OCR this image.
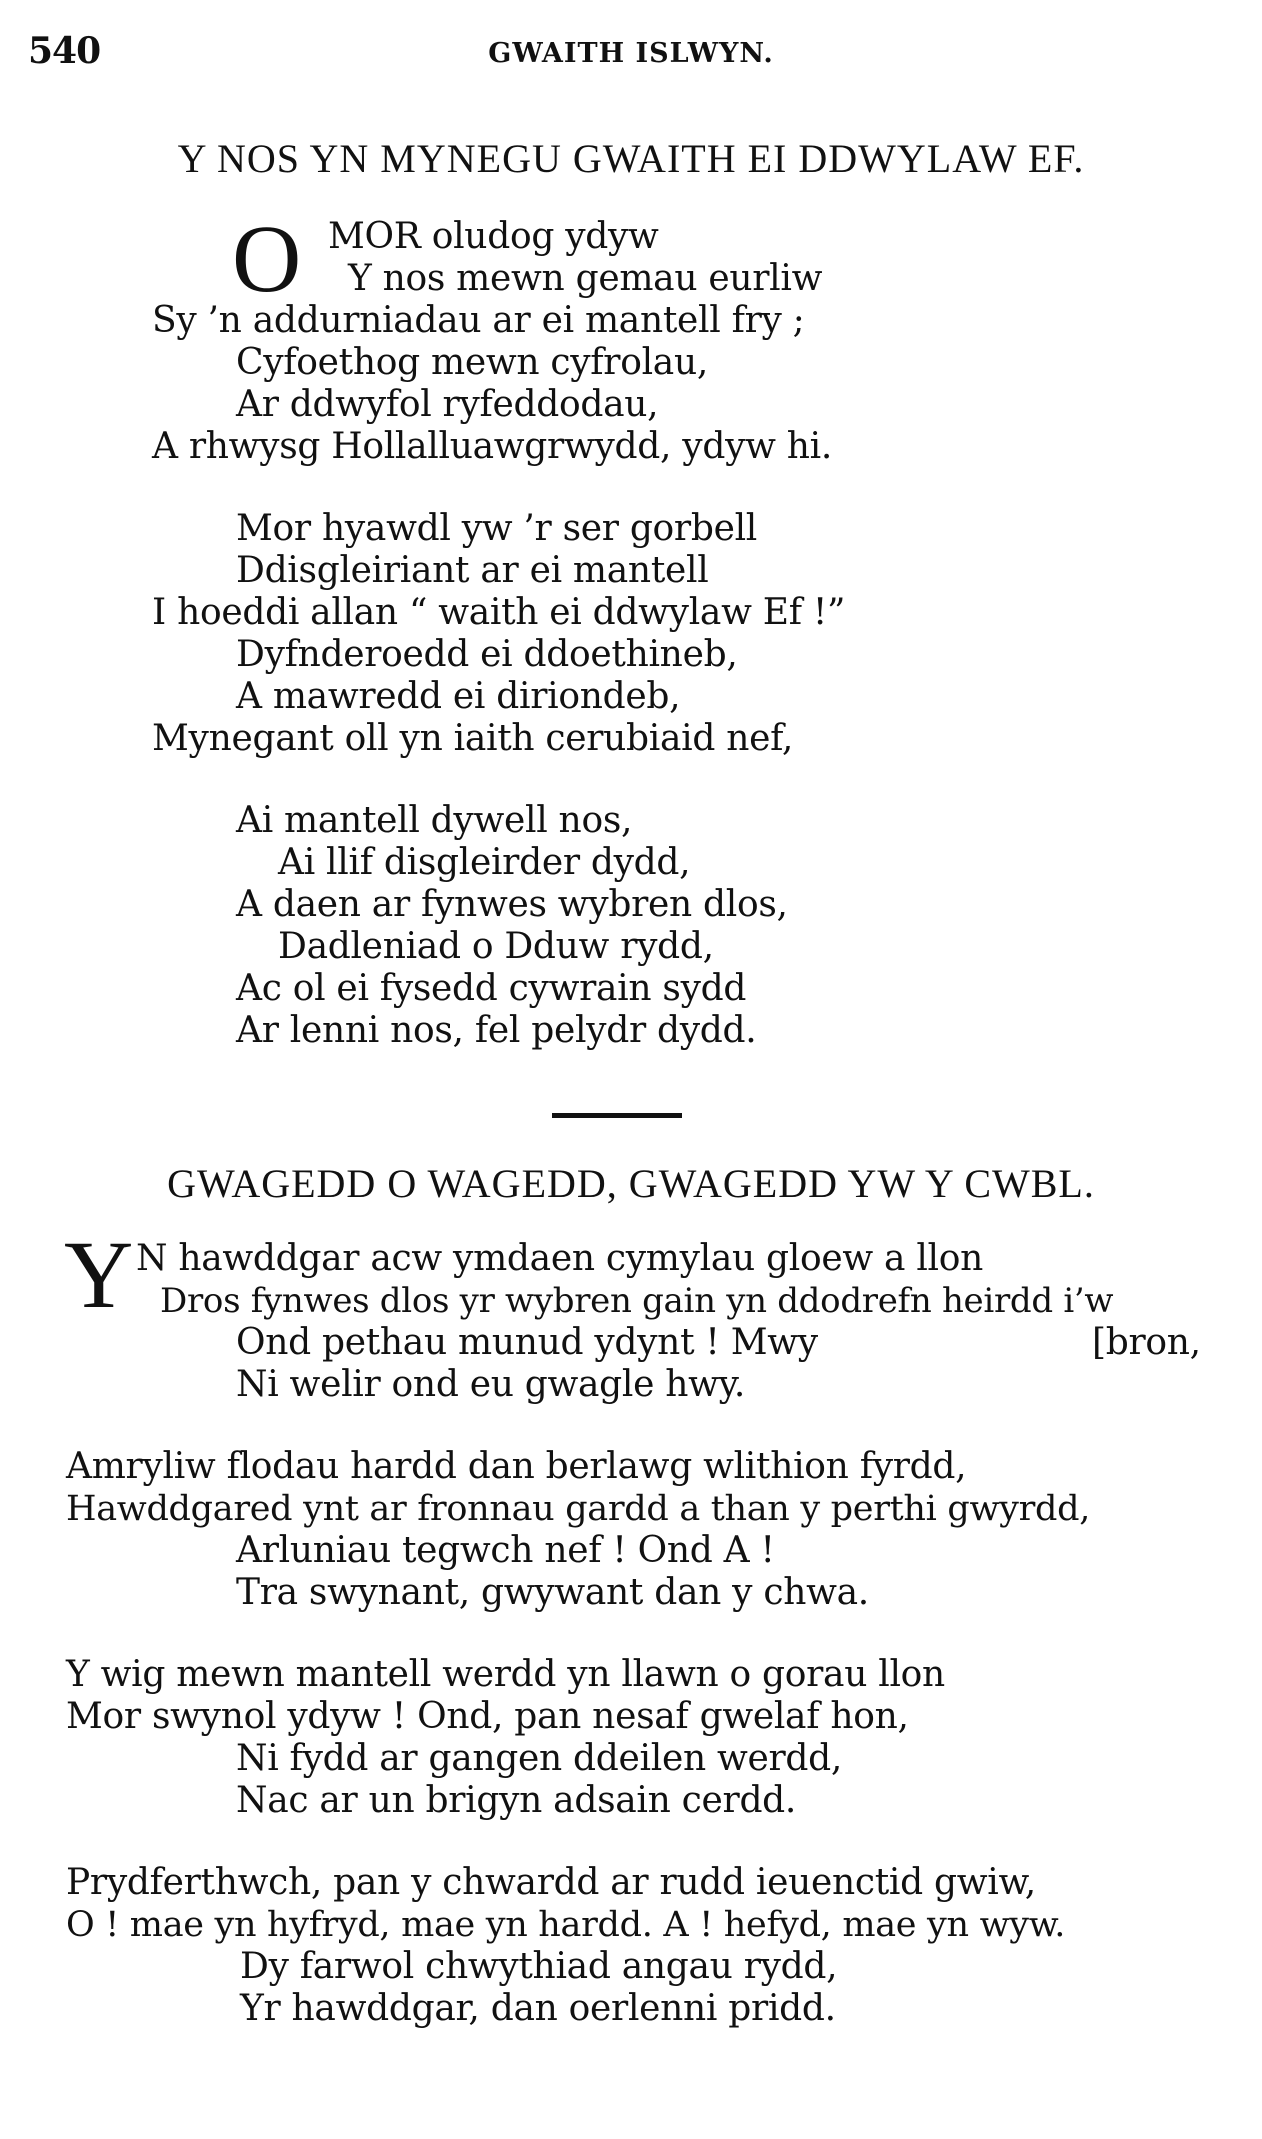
540	GWAITH ISLWYN.
Y NOS YN MYNEGU GWAITH EI DDWYLAW EF.
O MOR oludog ydyw
Y nos mewn gemau eurliw
Sy ’n addurniadau ar ei mantell fry ;
Cyfoethog mewn cyfrolau,
Ar ddwyfol ryfeddodau,
A rhwysg Hollalluawgrwydd, ydyw hi.
Mor hyawdl yw ’r ser gorbell
Ddisgleiriant ar ei mantell
I hoeddi allan “ waith ei ddwylaw Ef !”
Dyfnderoedd ei ddoethineb,
A mawredd ei diriondeb,
Mynegant oll yn iaith cerubiaid nef,
Ai mantell dywell nos,
Ai llif disgleirder dydd,
A daen ar fynwes wybren dlos,
Dadleniad o Dduw rydd,
Ac ol ei fysedd cywrain sydd
Ar lenni nos, fel pelydr dydd.
GWAGEDD O WAGEDD, GWAGEDD YW Y CWBL.
Y N hawddgar acw ymdaen cymylau gloew a llon
Dros fynwes dlos yr wybren gain yn ddodrefn heirdd i’w
Ond pethau munud ydynt ! Mwy	[bron,
Ni welir ond eu gwagle hwy.
Amryliw flodau hardd dan berlawg wlithion fyrdd,
Hawddgared ynt ar fronnau gardd a than y perthi gwyrdd,
Arluniau tegwch nef ! Ond A !
Tra swynant, gwywant dan y chwa.
Y wig mewn mantell werdd yn llawn o gorau llon
Mor swynol ydyw ! Ond, pan nesaf gwelaf hon,
Ni fydd ar gangen ddeilen werdd,
Nac ar un brigyn adsain cerdd.
Prydferthwch, pan y chwardd ar rudd ieuenctid gwiw,
O ! mae yn hyfryd, mae yn hardd. A ! hefyd, mae yn wyw.
Dy farwol chwythiad angau rydd,
Yr hawddgar, dan oerlenni pridd.
